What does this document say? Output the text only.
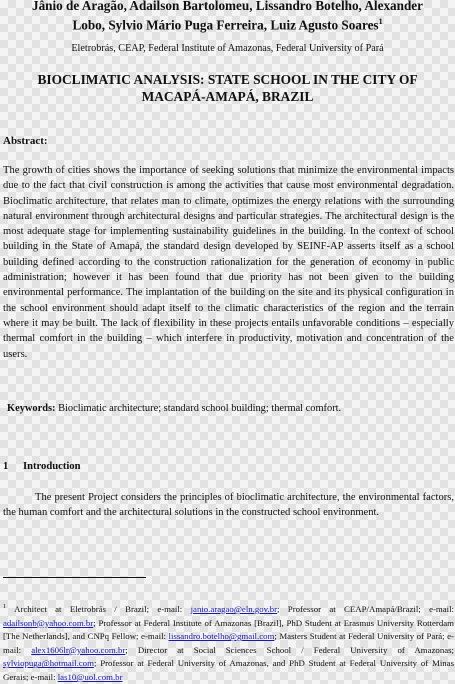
Jânio de Aragão, Adailson Bartolomeu, Lissandro Botelho, Alexander
Lobo, Sylvio Mário Puga Ferreira, Luiz Agusto Soares$^1$
Eletrobrás, CEAP, Federal Institute of Amazonas, Federal University of Pará
BIOCLIMATIC ANALYSIS: STATE SCHOOL IN THE CITY OF
MACAPÁ-AMAPÁ, BRAZIL
Abstract:
The growth of cities shows the importance of seeking solutions that minimize the environmental impacts due to the fact that civil construction is among the activities that cause most environmental degradation. Bioclimatic architecture, that relates man to climate, optimizes the energy relations with the surrounding natural environment through architectural designs and particular strategies. The architectural design is the most adequate stage for implementing sustainability guidelines in the building. In the context of school building in the State of Amapá, the standard design developed by SEINF-AP asserts itself as a school building defined according to the construction rationalization for the generation of economy in public administration; however it has been found that due priority has not been given to the building environmental performance. The implantation of the building on the site and its physical configuration in the school environment should adapt itself to the climatic characteristics of the region and the terrain where it may be built. The lack of flexibility in these projects entails unfavorable conditions – especially thermal comfort in the building – which interfere in productivity, motivation and concentration of the users.
Keywords: Bioclimatic architecture; standard school building; thermal comfort.
1 Introduction
The present Project considers the principles of bioclimatic architecture, the environmental factors, the human comfort and the architectural solutions in the constructed school environment.
$^1$ Architect at Eletrobrás / Brazil; e-mail: janio.aragao@eln.gov.br; Professor at CEAP/Amapá/Brazil; e-mail: adailsonb@yahoo.com.br; Professor at Federal Institute of Amazonas [Brazil], PhD Student at Erasmus University Rotterdam [The Netherlands], and CNPq Fellow; e-mail: lissandro.botelho@gmail.com; Masters Student at Federal University of Pará; e-mail: alex1606lr@yahoo.com.br; Director at Social Sciences School / Federal University of Amazonas; sylviopuga@hotmail.com; Professor at Federal University of Amazonas, and PhD Student at Federal University of Minas Gerais; e-mail: las10@uol.com.br
